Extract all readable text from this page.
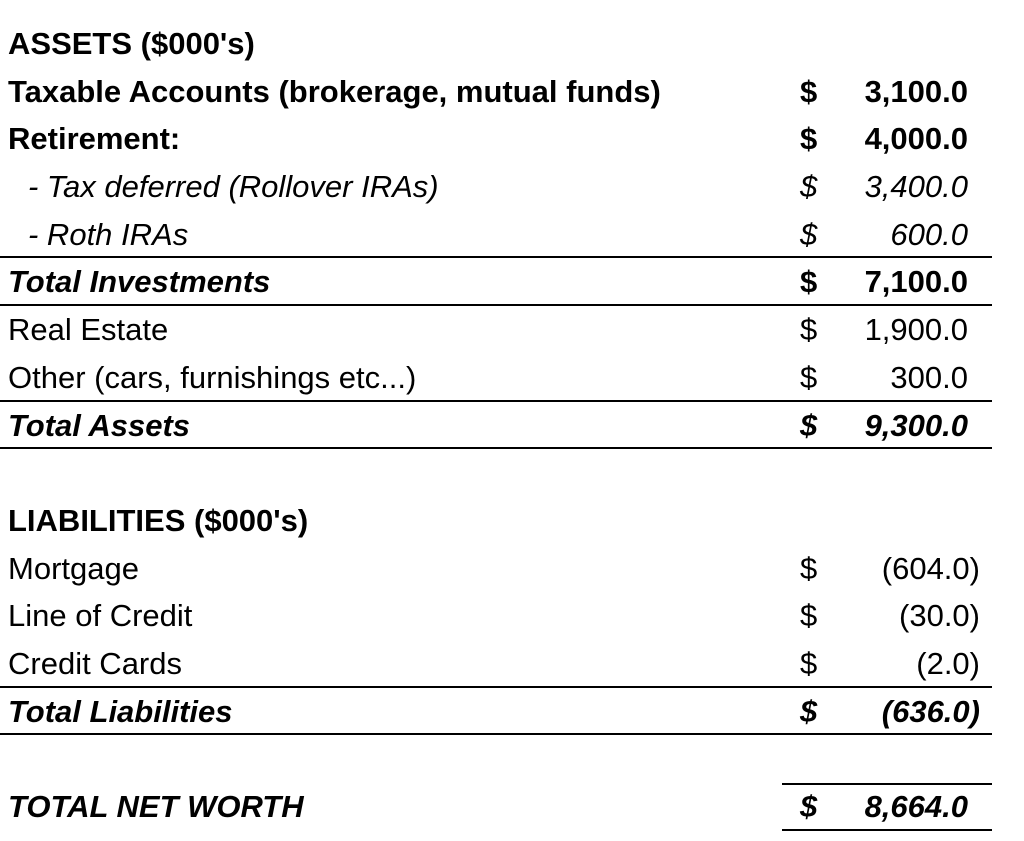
ASSETS ($000's)
Taxable Accounts (brokerage, mutual funds)	$ 3,100.0
Retirement:	$ 4,000.0
- Tax deferred (Rollover IRAs)	$ 3,400.0
- Roth IRAs	$ 600.0
Total Investments	$ 7,100.0
Real Estate	$ 1,900.0
Other (cars, furnishings etc...)	$ 300.0
Total Assets	$ 9,300.0
LIABILITIES ($000's)
Mortgage	$ (604.0)
Line of Credit	$	(30.0)
Credit Cards	$	(2.0)
Total Liabilities	$ (636.0)
TOTAL NET WORTH	$ 8,664.0
